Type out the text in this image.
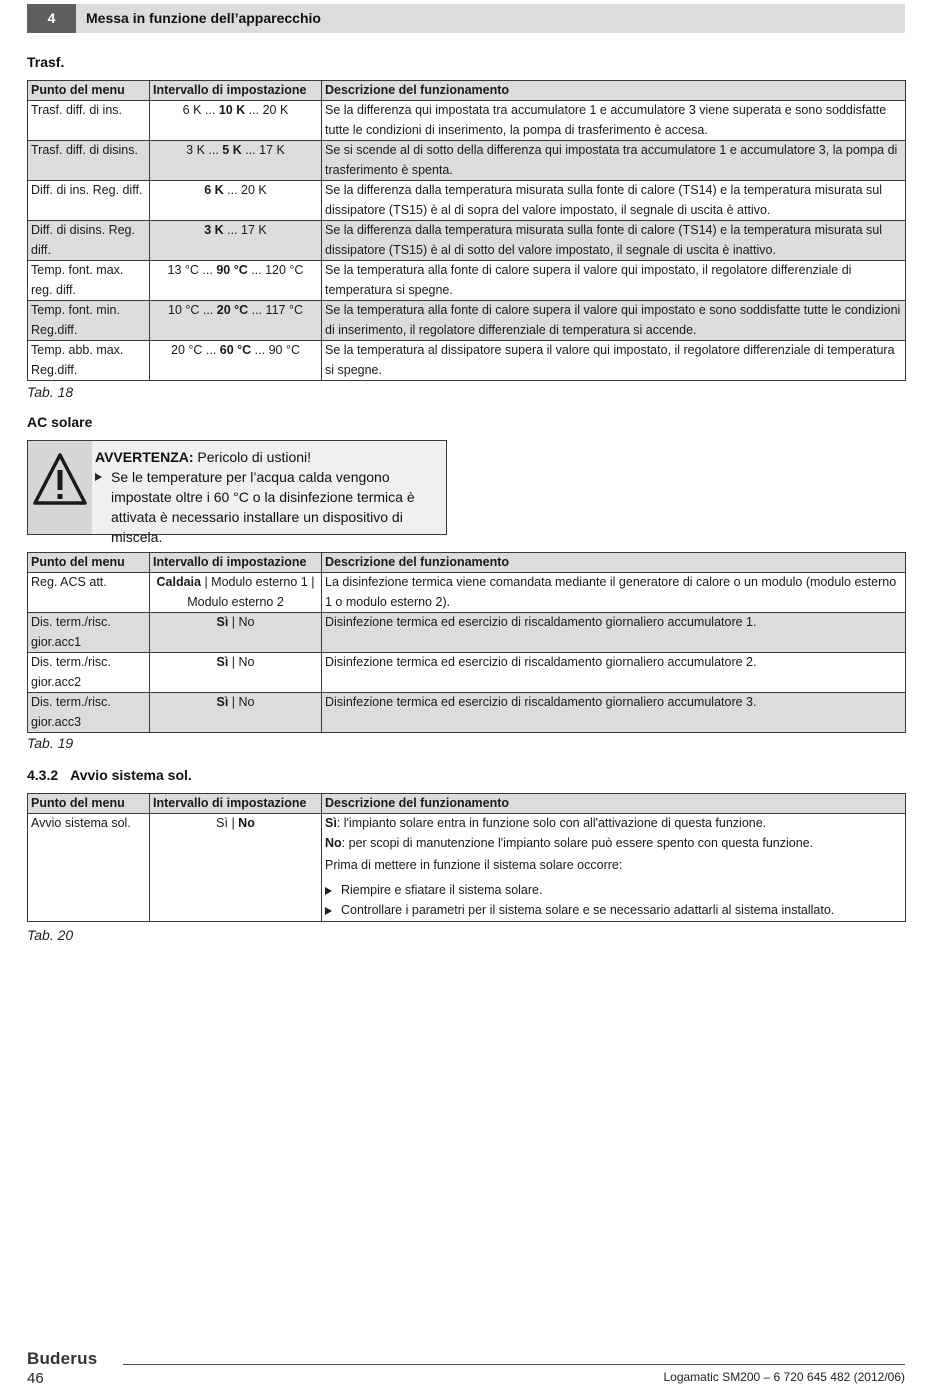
4	Messa in funzione dell’apparecchio
Trasf.
Punto del menu	Intervallo di impostazione	Descrizione del funzionamento
Trasf. diff. di ins.	6 K ... 10 K ... 20 K	Se la differenza qui impostata tra accumulatore 1 e accumulatore 3 viene superata e sono soddisfatte tutte le condizioni di inserimento, la pompa di trasferimento è accesa.
Trasf. diff. di disins.	3 K ... 5 K ... 17 K	Se si scende al di sotto della differenza qui impostata tra accumulatore 1 e accumulatore 3, la pompa di trasferimento è spenta.
Diff. di ins. Reg. diff.	6 K ... 20 K	Se la differenza dalla temperatura misurata sulla fonte di calore (TS14) e la temperatura misurata sul dissipatore (TS15) è al di sopra del valore impostato, il segnale di uscita è attivo.
Diff. di disins. Reg. diff.	3 K ... 17 K	Se la differenza dalla temperatura misurata sulla fonte di calore (TS14) e la temperatura misurata sul dissipatore (TS15) è al di sotto del valore impostato, il segnale di uscita è inattivo.
Temp. font. max. reg. diff.	13 °C ... 90 °C ... 120 °C	Se la temperatura alla fonte di calore supera il valore qui impostato, il regolatore differenziale di temperatura si spegne.
Temp. font. min. Reg.diff.	10 °C ... 20 °C ... 117 °C	Se la temperatura alla fonte di calore supera il valore qui impostato e sono soddisfatte tutte le condizioni di inserimento, il regolatore differenziale di temperatura si accende.
Temp. abb. max. Reg.diff.	20 °C ... 60 °C ... 90 °C	Se la temperatura al dissipatore supera il valore qui impostato, il regolatore differenziale di temperatura si spegne.
Tab. 18
AC solare
AVVERTENZA: Pericolo di ustioni!
Se le temperature per l’acqua calda vengono impostate oltre i 60 °C o la disinfezione termica è attivata è necessario installare un dispositivo di miscela.
Punto del menu	Intervallo di impostazione	Descrizione del funzionamento
Reg. ACS att.	Caldaia | Modulo esterno 1 | Modulo esterno 2	La disinfezione termica viene comandata mediante il generatore di calore o un modulo (modulo esterno 1 o modulo esterno 2).
Dis. term./risc. gior.acc1	Sì | No	Disinfezione termica ed esercizio di riscaldamento giornaliero accumulatore 1.
Dis. term./risc. gior.acc2	Sì | No	Disinfezione termica ed esercizio di riscaldamento giornaliero accumulatore 2.
Dis. term./risc. gior.acc3	Sì | No	Disinfezione termica ed esercizio di riscaldamento giornaliero accumulatore 3.
Tab. 19
4.3.2 Avvio sistema sol.
Punto del menu	Intervallo di impostazione	Descrizione del funzionamento
Avvio sistema sol.	Sì | No	Sì: l'impianto solare entra in funzione solo con all'attivazione di questa funzione.
No: per scopi di manutenzione l'impianto solare può essere spento con questa funzione.
Prima di mettere in funzione il sistema solare occorre:
Riempire e sfiatare il sistema solare.
Controllare i parametri per il sistema solare e se necessario adattarli al sistema installato.
Tab. 20
Buderus
46	Logamatic SM200 – 6 720 645 482 (2012/06)
